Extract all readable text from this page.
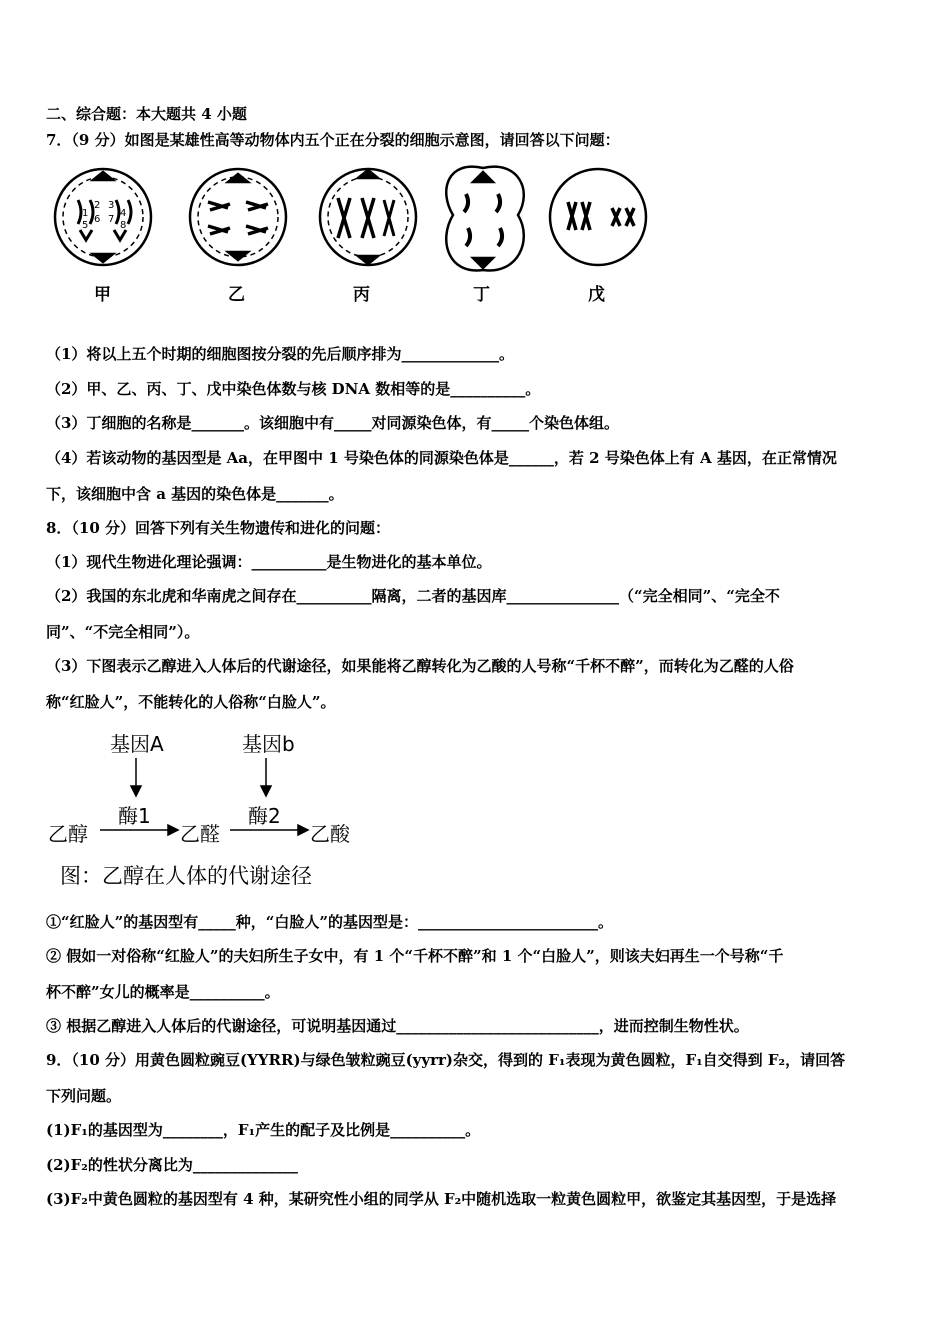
二、综合题：本大题共 4 小题
7．（9 分）如图是某雄性高等动物体内五个正在分裂的细胞示意图，请回答以下问题：
1
2 3
4
5
6 7
8
甲	乙	丙	丁	戊
（1）将以上五个时期的细胞图按分裂的先后顺序排为_____________。
（2）甲、乙、丙、丁、戊中染色体数与核 DNA 数相等的是__________。
（3）丁细胞的名称是_______。该细胞中有_____对同源染色体，有_____个染色体组。
（4）若该动物的基因型是 Aa，在甲图中 1 号染色体的同源染色体是______，若 2 号染色体上有 A 基因，在正常情况
下，该细胞中含 a 基因的染色体是_______。
8．（10 分）回答下列有关生物遗传和进化的问题：
（1）现代生物进化理论强调：__________是生物进化的基本单位。
（2）我国的东北虎和华南虎之间存在__________隔离，二者的基因库_______________（“完全相同”、“完全不
同”、“不完全相同”）。
（3）下图表示乙醇进入人体后的代谢途径，如果能将乙醇转化为乙酸的人号称“千杯不醉”，而转化为乙醛的人俗
称“红脸人”，不能转化的人俗称“白脸人”。
基因A	基因b
酶1	酶2
乙醇	乙醛	乙酸
图：乙醇在人体的代谢途径
①“红脸人”的基因型有_____种，“白脸人”的基因型是：________________________。
② 假如一对俗称“红脸人”的夫妇所生子女中，有 1 个“千杯不醉”和 1 个“白脸人”，则该夫妇再生一个号称“千
杯不醉”女儿的概率是__________。
③ 根据乙醇进入人体后的代谢途径，可说明基因通过___________________________，进而控制生物性状。
9．（10 分）用黄色圆粒豌豆(YYRR)与绿色皱粒豌豆(yyrr)杂交，得到的 F₁表现为黄色圆粒，F₁自交得到 F₂，请回答
下列问题。
(1)F₁的基因型为________，F₁产生的配子及比例是__________。
(2)F₂的性状分离比为______________
(3)F₂中黄色圆粒的基因型有 4 种，某研究性小组的同学从 F₂中随机选取一粒黄色圆粒甲，欲鉴定其基因型，于是选择
